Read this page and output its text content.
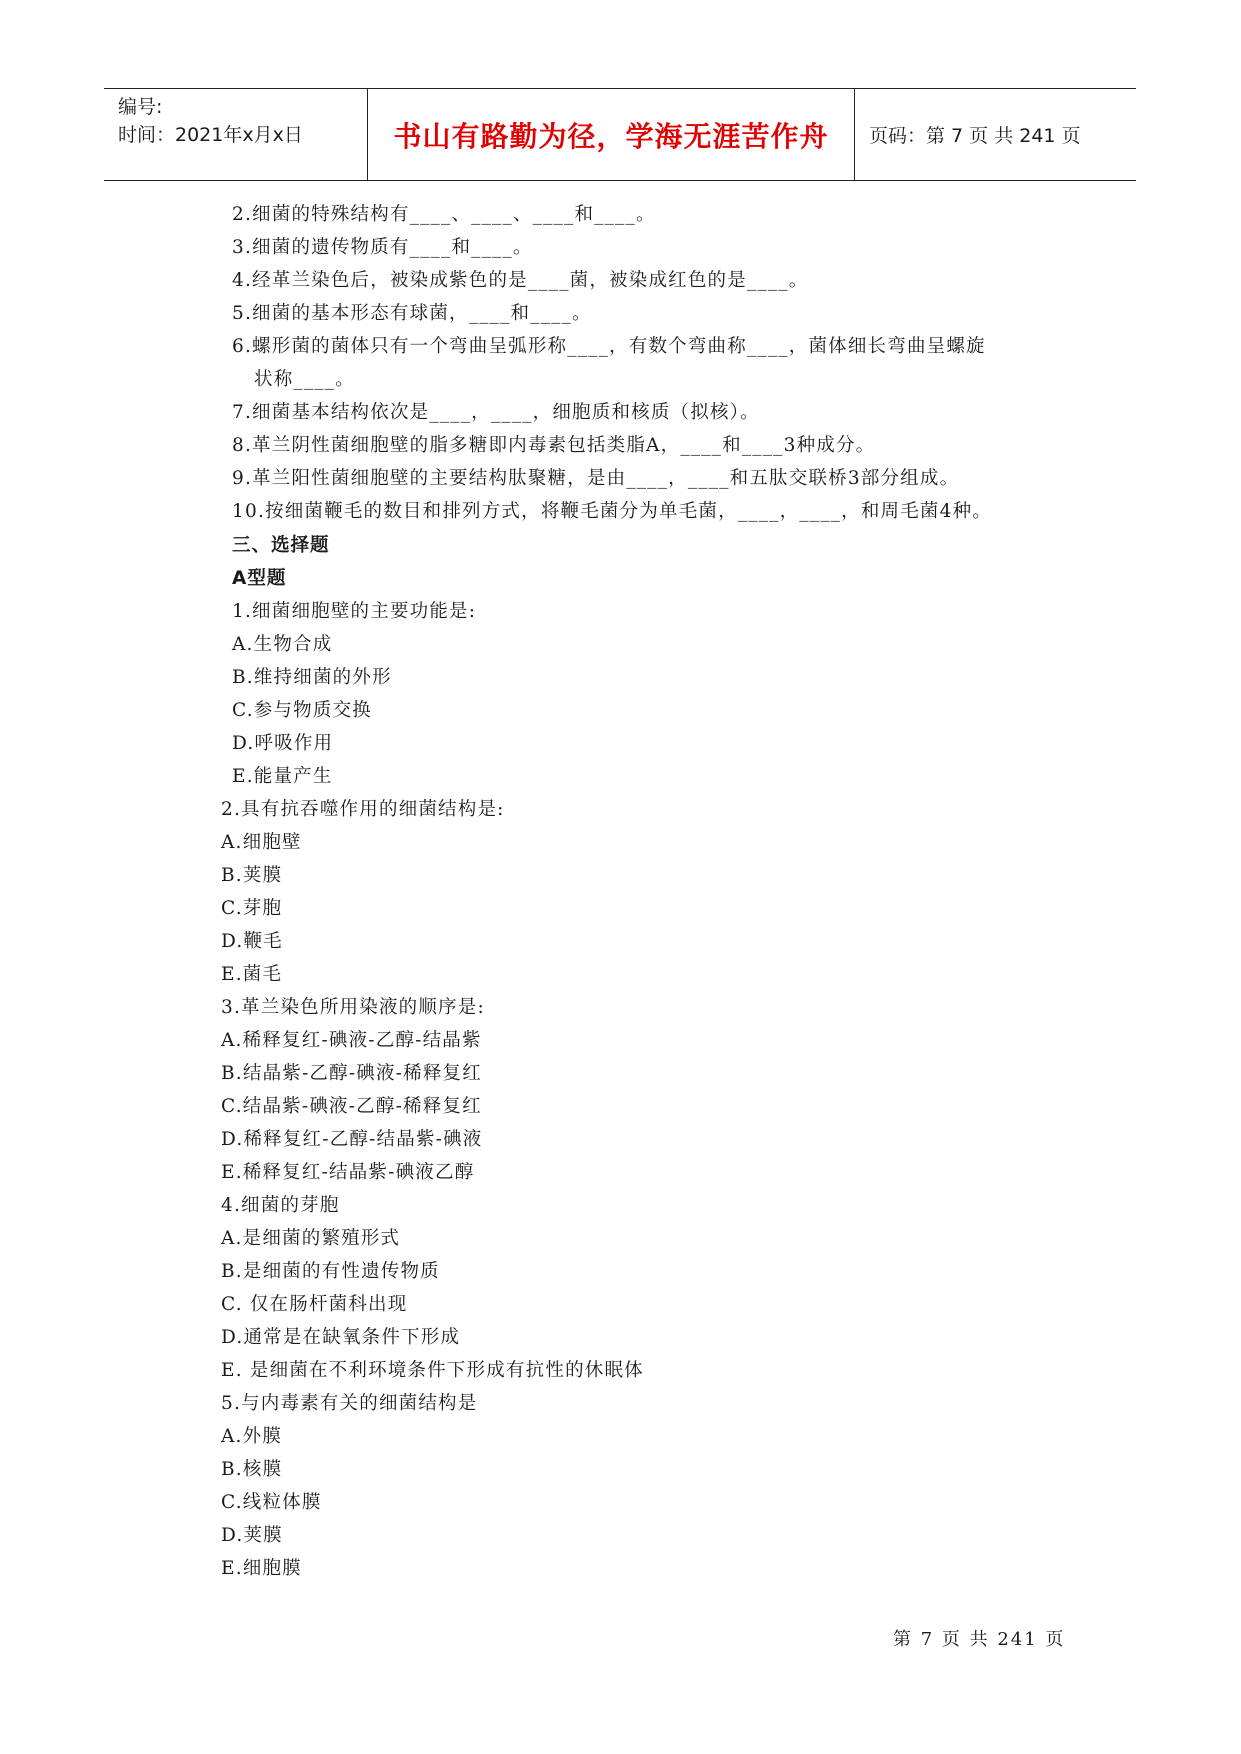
编号:
时间：2021年x月x日	书山有路勤为径，学海无涯苦作舟	页码：第 7 页 共 241 页
2.细菌的特殊结构有____、____、____和____。
3.细菌的遗传物质有____和____。
4.经革兰染色后，被染成紫色的是____菌，被染成红色的是____。
5.细菌的基本形态有球菌，____和____。
6.螺形菌的菌体只有一个弯曲呈弧形称____，有数个弯曲称____，菌体细长弯曲呈螺旋
状称____。
7.细菌基本结构依次是____，____，细胞质和核质（拟核）。
8.革兰阴性菌细胞壁的脂多糖即内毒素包括类脂A，____和____3种成分。
9.革兰阳性菌细胞壁的主要结构肽聚糖，是由____，____和五肽交联桥3部分组成。
10.按细菌鞭毛的数目和排列方式，将鞭毛菌分为单毛菌，____，____，和周毛菌4种。
三、选择题
A型题
1.细菌细胞壁的主要功能是:
A.生物合成
B.维持细菌的外形
C.参与物质交换
D.呼吸作用
E.能量产生
2.具有抗吞噬作用的细菌结构是:
A.细胞壁
B.荚膜
C.芽胞
D.鞭毛
E.菌毛
3.革兰染色所用染液的顺序是:
A.稀释复红-碘液-乙醇-结晶紫
B.结晶紫-乙醇-碘液-稀释复红
C.结晶紫-碘液-乙醇-稀释复红
D.稀释复红-乙醇-结晶紫-碘液
E.稀释复红-结晶紫-碘液乙醇
4.细菌的芽胞
A.是细菌的繁殖形式
B.是细菌的有性遗传物质
C. 仅在肠杆菌科出现
D.通常是在缺氧条件下形成
E. 是细菌在不利环境条件下形成有抗性的休眠体
5.与内毒素有关的细菌结构是
A.外膜
B.核膜
C.线粒体膜
D.荚膜
E.细胞膜
第 7 页 共 241 页
